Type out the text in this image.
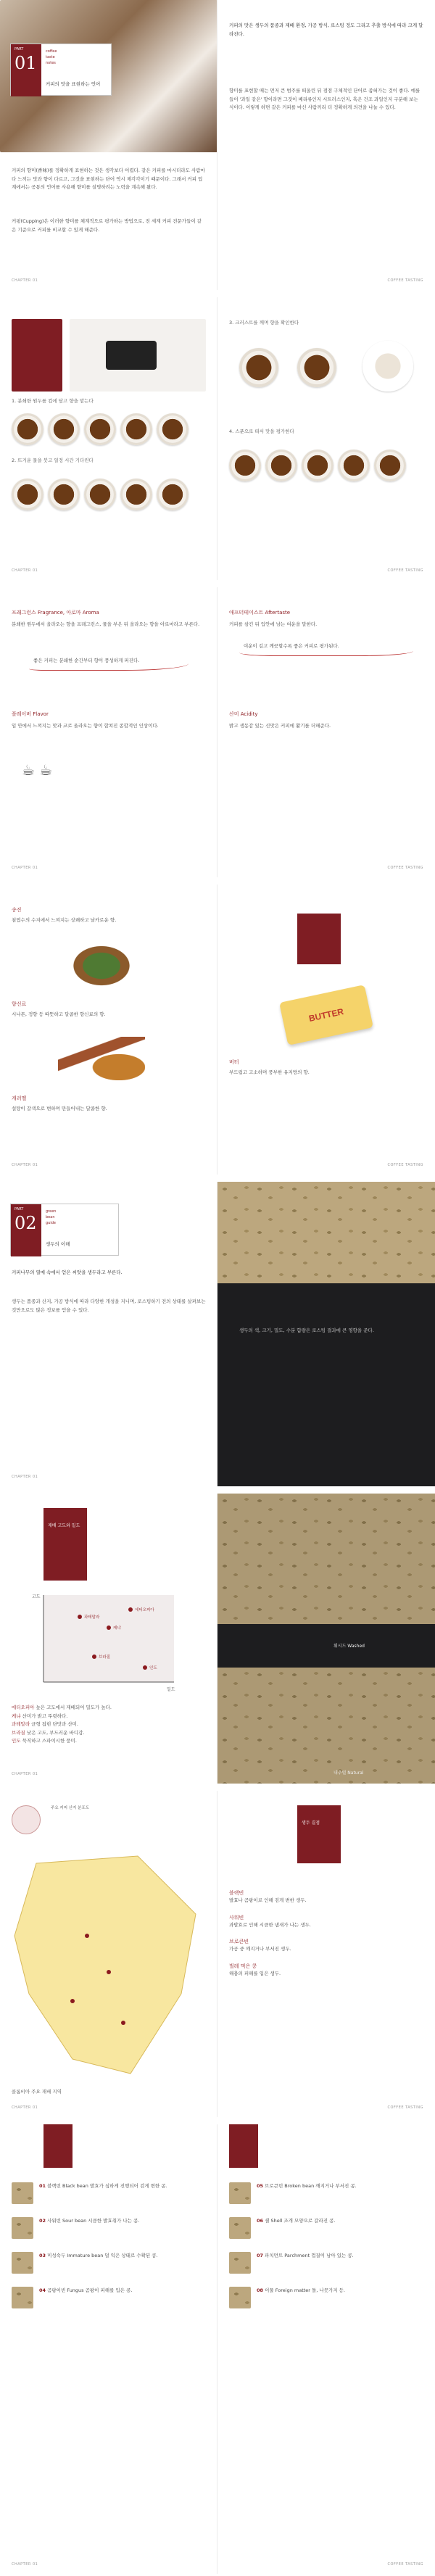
PART
01
coffee
taste
notes
커피의 맛을 표현하는 언어

커피의 향미(香味)를 정확하게 표현하는 것은 생각보다 어렵다. 같은 커피를 마시더라도 사람마다 느끼는 맛과 향이 다르고, 그것을 표현하는 단어 역시 제각각이기 때문이다. 그래서 커피 업계에서는 공통의 언어를 사용해 향미를 설명하려는 노력을 계속해 왔다.

커핑(Cupping)은 이러한 향미를 체계적으로 평가하는 방법으로, 전 세계 커피 전문가들이 같은 기준으로 커피를 비교할 수 있게 해준다.

CHAPTER 01

커피의 맛은 생두의 품종과 재배 환경, 가공 방식, 로스팅 정도 그리고 추출 방식에 따라 크게 달라진다.

향미를 표현할 때는 먼저 큰 범주를 떠올린 뒤 점점 구체적인 단어로 좁혀가는 것이 좋다. 예를 들어 '과일 같은' 향이라면 그것이 베리류인지 시트러스인지, 혹은 건조 과일인지 구분해 보는 식이다. 이렇게 하면 같은 커피를 마신 사람끼리 더 정확하게 의견을 나눌 수 있다.

COFFEE TASTING
1. 분쇄한 원두를 컵에 담고 향을 맡는다
2. 뜨거운 물을 붓고 일정 시간 기다린다
CHAPTER 01
3. 크러스트를 깨며 향을 확인한다
4. 스푼으로 떠서 맛을 평가한다
COFFEE TASTING
프래그런스 Fragrance, 아로마 Aroma

분쇄한 원두에서 올라오는 향을 프래그런스, 물을 부은 뒤 올라오는 향을 아로마라고 부른다.

좋은 커피는 분쇄한 순간부터 향이 풍성하게 퍼진다.

플레이버 Flavor

입 안에서 느껴지는 맛과 코로 올라오는 향이 합쳐진 종합적인 인상이다.

☕ ☕
CHAPTER 01
애프터테이스트 Aftertaste

커피를 삼킨 뒤 입안에 남는 여운을 말한다.

여운이 길고 깨끗할수록 좋은 커피로 평가된다.

산미 Acidity

밝고 생동감 있는 신맛은 커피에 활기를 더해준다.

COFFEE TASTING
송진

침엽수의 수지에서 느껴지는 상쾌하고 날카로운 향.

향신료

시나몬, 정향 등 따뜻하고 달콤한 향신료의 향.

캐러멜

설탕이 갈색으로 변하며 만들어내는 달콤한 향.

CHAPTER 01
BUTTER
버터

부드럽고 고소하며 풍부한 유지방의 향.

COFFEE TASTING
PART
02
green
bean
guide
생두의 이해

커피나무의 열매 속에서 얻은 씨앗을 생두라고 부른다.

생두는 품종과 산지, 가공 방식에 따라 다양한 개성을 지니며, 로스팅하기 전의 상태를 살펴보는 것만으로도 많은 정보를 얻을 수 있다.

CHAPTER 01

생두의 색, 크기, 밀도, 수분 함량은 로스팅 결과에 큰 영향을 준다.

재배 고도와 밀도
밀도
고도
과테말라
케냐
에티오피아
브라질
인도
에티오피아 높은 고도에서 재배되어 밀도가 높다.
케냐 산미가 밝고 뚜렷하다.
과테말라 균형 잡힌 단맛과 산미.
브라질 낮은 고도, 부드러운 바디감.
인도 묵직하고 스파이시한 풍미.
CHAPTER 01
워시드 Washed
내추럴 Natural
주요 커피 산지 분포도
콜롬비아 주요 재배 지역
CHAPTER 01
생두 결점
블랙빈

발효나 곰팡이로 인해 검게 변한 생두.

사워빈

과발효로 인해 시큼한 냄새가 나는 생두.

브로큰빈

가공 중 깨지거나 부서진 생두.

벌레 먹은 콩

해충의 피해를 입은 생두.

COFFEE TASTING

01 블랙빈 Black bean 발효가 심하게 진행되어 검게 변한 콩.

02 사워빈 Sour bean 시큼한 발효취가 나는 콩.

03 미성숙두 Immature bean 덜 익은 상태로 수확된 콩.

04 곰팡이빈 Fungus 곰팡이 피해를 입은 콩.

CHAPTER 01

05 브로큰빈 Broken bean 깨지거나 부서진 콩.

06 셸 Shell 조개 모양으로 갈라진 콩.

07 파치먼트 Parchment 껍질이 남아 있는 콩.

08 이물 Foreign matter 돌, 나뭇가지 등.

COFFEE TASTING
